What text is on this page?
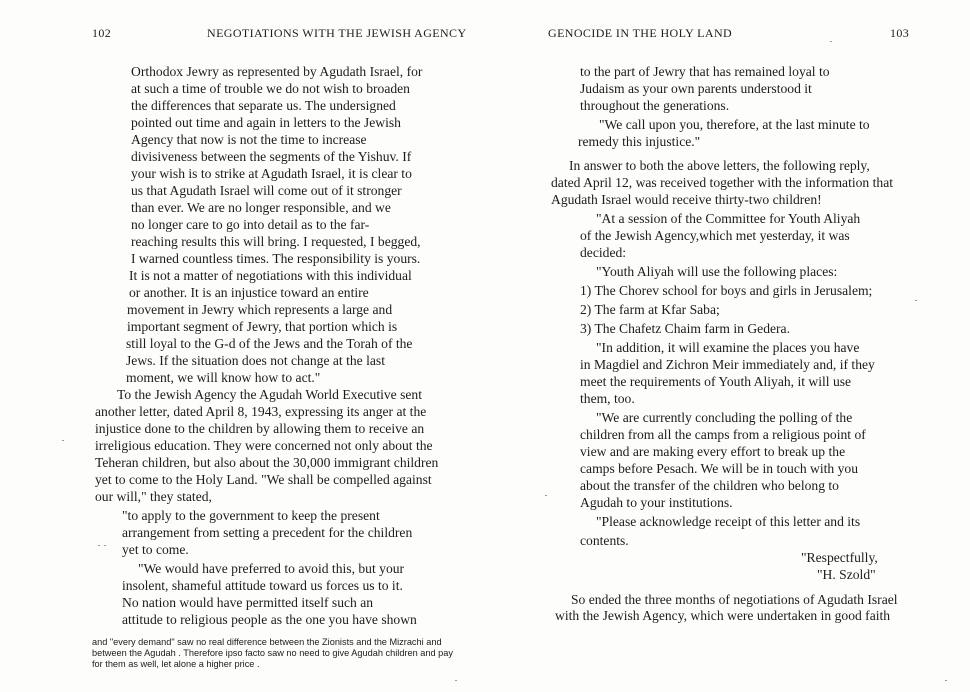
102	NEGOTIATIONS WITH THE JEWISH AGENCY
Orthodox Jewry as represented by Agudath Israel, for
at such a time of trouble we do not wish to broaden
the differences that separate us. The undersigned
pointed out time and again in letters to the Jewish
Agency that now is not the time to increase
divisiveness between the segments of the Yishuv. If
your wish is to strike at Agudath Israel, it is clear to
us that Agudath Israel will come out of it stronger
than ever. We are no longer responsible, and we
no longer care to go into detail as to the far-
reaching results this will bring. I requested, I begged,
I warned countless times. The responsibility is yours.
It is not a matter of negotiations with this individual
or another. It is an injustice toward an entire
movement in Jewry which represents a large and
important segment of Jewry, that portion which is
still loyal to the G-d of the Jews and the Torah of the
Jews. If the situation does not change at the last
moment, we will know how to act."
To the Jewish Agency the Agudah World Executive sent
another letter, dated April 8, 1943, expressing its anger at the
injustice done to the children by allowing them to receive an
irreligious education. They were concerned not only about the
Teheran children, but also about the 30,000 immigrant children
yet to come to the Holy Land. "We shall be compelled against
our will," they stated,
"to apply to the government to keep the present
arrangement from setting a precedent for the children
yet to come.
"We would have preferred to avoid this, but your
insolent, shameful attitude toward us forces us to it.
No nation would have permitted itself such an
attitude to religious people as the one you have shown
and "every demand" saw no real difference between the Zionists and the Mizrachi and
between the Agudah . Therefore ipso facto saw no need to give Agudah children and pay
for them as well, let alone a higher price .
GENOCIDE IN THE HOLY LAND	103
to the part of Jewry that has remained loyal to
Judaism as your own parents understood it
throughout the generations.
"We call upon you, therefore, at the last minute to
remedy this injustice."
In answer to both the above letters, the following reply,
dated April 12, was received together with the information that
Agudath Israel would receive thirty-two children!
"At a session of the Committee for Youth Aliyah
of the Jewish Agency,which met yesterday, it was
decided:
"Youth Aliyah will use the following places:
1) The Chorev school for boys and girls in Jerusalem;
2) The farm at Kfar Saba;
3) The Chafetz Chaim farm in Gedera.
"In addition, it will examine the places you have
in Magdiel and Zichron Meir immediately and, if they
meet the requirements of Youth Aliyah, it will use
them, too.
"We are currently concluding the polling of the
children from all the camps from a religious point of
view and are making every effort to break up the
camps before Pesach. We will be in touch with you
about the transfer of the children who belong to
Agudah to your institutions.
"Please acknowledge receipt of this letter and its
contents.
"Respectfully,
"H. Szold"
So ended the three months of negotiations of Agudath Israel
with the Jewish Agency, which were undertaken in good faith
